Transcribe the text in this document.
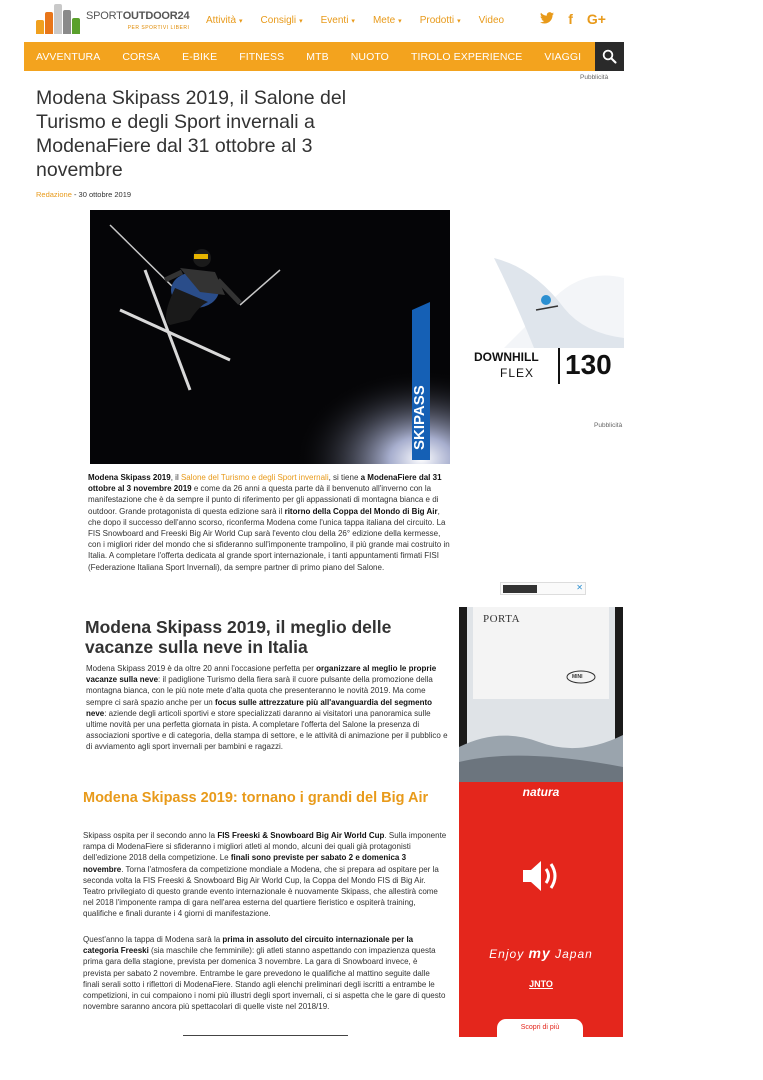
SPORTOUTDOOR24
PER SPORTIVI LIBERI
Attività ▾ Consigli ▾ Eventi ▾ Mete ▾ Prodotti ▾ Video	f G+
AVVENTURA	CORSA	E-BIKE	FITNESS	MTB	NUOTO	TIROLO EXPERIENCE	VIAGGI
Pubblicità
Modena Skipass 2019, il Salone del Turismo e degli Sport invernali a ModenaFiere dal 31 ottobre al 3 novembre
Redazione - 30 ottobre 2019
SKIPASS
Modena Skipass 2019, il Salone del Turismo e degli Sport invernali, si tiene a ModenaFiere dal 31 ottobre al 3 novembre 2019 e come da 26 anni a questa parte dà il benvenuto all'inverno con la manifestazione che è da sempre il punto di riferimento per gli appassionati di montagna bianca e di outdoor. Grande protagonista di questa edizione sarà il ritorno della Coppa del Mondo di Big Air, che dopo il successo dell'anno scorso, riconferma Modena come l'unica tappa italiana del circuito. La FIS Snowboard and Freeski Big Air World Cup sarà l'evento clou della 26° edizione della kermesse, con i migliori rider del mondo che si sfideranno sull'imponente trampolino, il più grande mai costruito in Italia. A completare l'offerta dedicata al grande sport internazionale, i tanti appuntamenti firmati FISI (Federazione Italiana Sport Invernali), da sempre partner di primo piano del Salone.
Modena Skipass 2019, il meglio delle vacanze sulla neve in Italia
Modena Skipass 2019 è da oltre 20 anni l'occasione perfetta per organizzare al meglio le proprie vacanze sulla neve: il padiglione Turismo della fiera sarà il cuore pulsante della promozione della montagna bianca, con le più note mete d'alta quota che presenteranno le novità 2019. Ma come sempre ci sarà spazio anche per un focus sulle attrezzature più all'avanguardia del segmento neve: aziende degli articoli sportivi e store specializzati daranno ai visitatori una panoramica sulle ultime novità per una perfetta giornata in pista. A completare l'offerta del Salone la presenza di associazioni sportive e di categoria, della stampa di settore, e le attività di animazione per il pubblico e di avviamento agli sport invernali per bambini e ragazzi.
Modena Skipass 2019: tornano i grandi del Big Air
Skipass ospita per il secondo anno la FIS Freeski & Snowboard Big Air World Cup. Sulla imponente rampa di ModenaFiere si sfideranno i migliori atleti al mondo, alcuni dei quali già protagonisti dell'edizione 2018 della competizione. Le finali sono previste per sabato 2 e domenica 3 novembre. Torna l'atmosfera da competizione mondiale a Modena, che si prepara ad ospitare per la seconda volta la FIS Freeski & Snowboard Big Air World Cup, la Coppa del Mondo FIS di Big Air. Teatro privilegiato di questo grande evento internazionale è nuovamente Skipass, che allestirà come nel 2018 l'imponente rampa di gara nell'area esterna del quartiere fieristico e ospiterà training, qualifiche e finali durante i 4 giorni di manifestazione.
Quest'anno la tappa di Modena sarà la prima in assoluto del circuito internazionale per la categoria Freeski (sia maschile che femminile): gli atleti stanno aspettando con impazienza questa prima gara della stagione, prevista per domenica 3 novembre. La gara di Snowboard invece, è
prevista per sabato 2 novembre. Entrambe le gare prevedono le qualifiche al mattino seguite dalle finali serali sotto i riflettori di ModenaFiere. Stando agli elenchi preliminari degli iscritti a entrambe le competizioni, in cui compaiono i nomi più illustri degli sport invernali, ci si aspetta che le gare di questo novembre saranno ancora più spettacolari di quelle viste nel 2018/19.
DOWNHILL
FLEX 130
Pubblicità
✕
PORTA
MINI
natura
Enjoy my Japan
JNTO
Scopri di più
